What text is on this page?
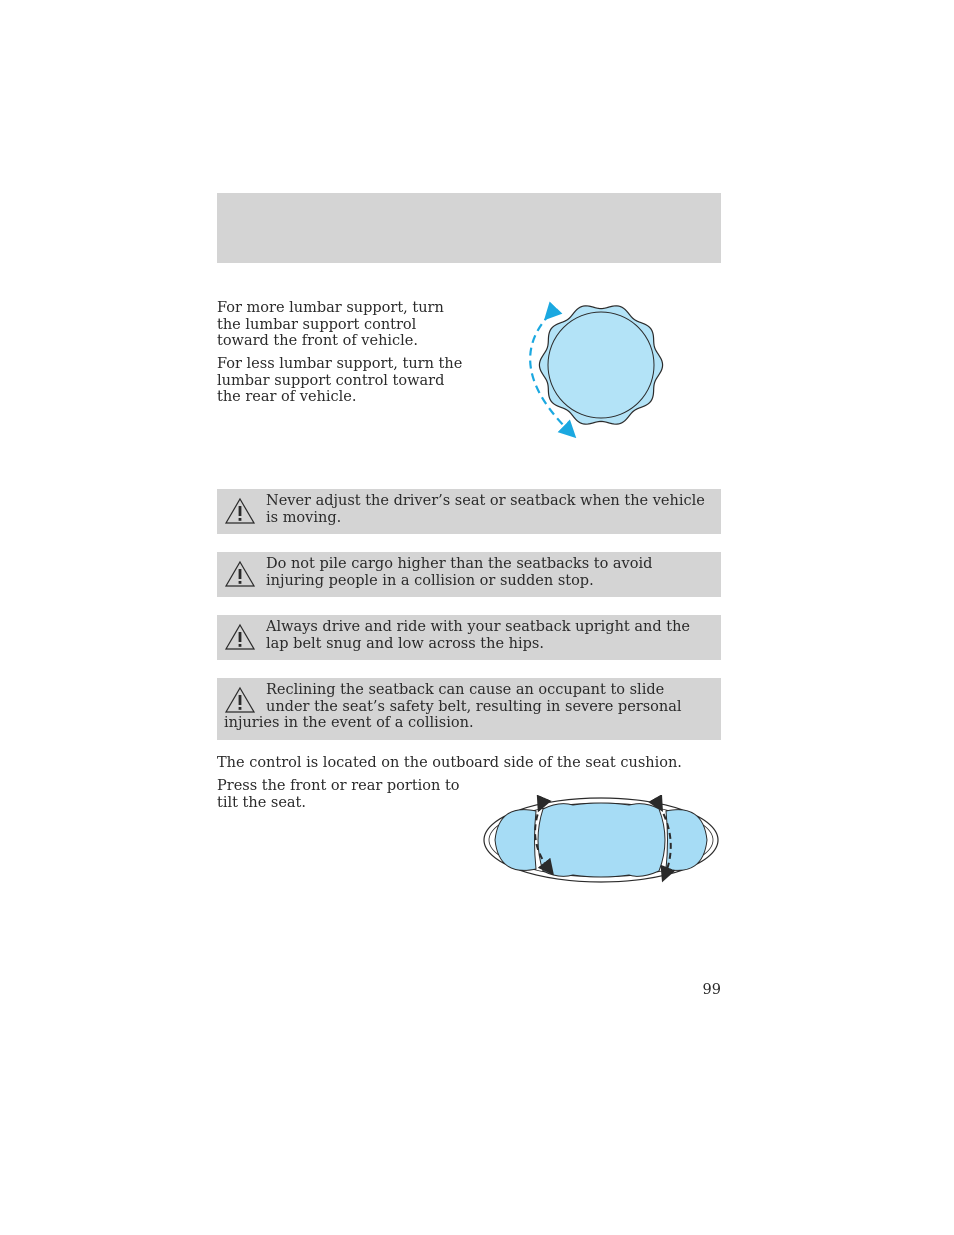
For more lumbar support, turn the lumbar support control toward the front of vehicle.

For less lumbar support, turn the lumbar support control toward the rear of vehicle.

Never adjust the driver’s seat or seatback when the vehicle is moving.
Do not pile cargo higher than the seatbacks to avoid injuring people in a collision or sudden stop.
Always drive and ride with your seatback upright and the lap belt snug and low across the hips.
Reclining the seatback can cause an occupant to slide under the seat’s safety belt, resulting in severe personal injuries in the event of a collision.

The control is located on the outboard side of the seat cushion.

Press the front or rear portion to tilt the seat.

99
